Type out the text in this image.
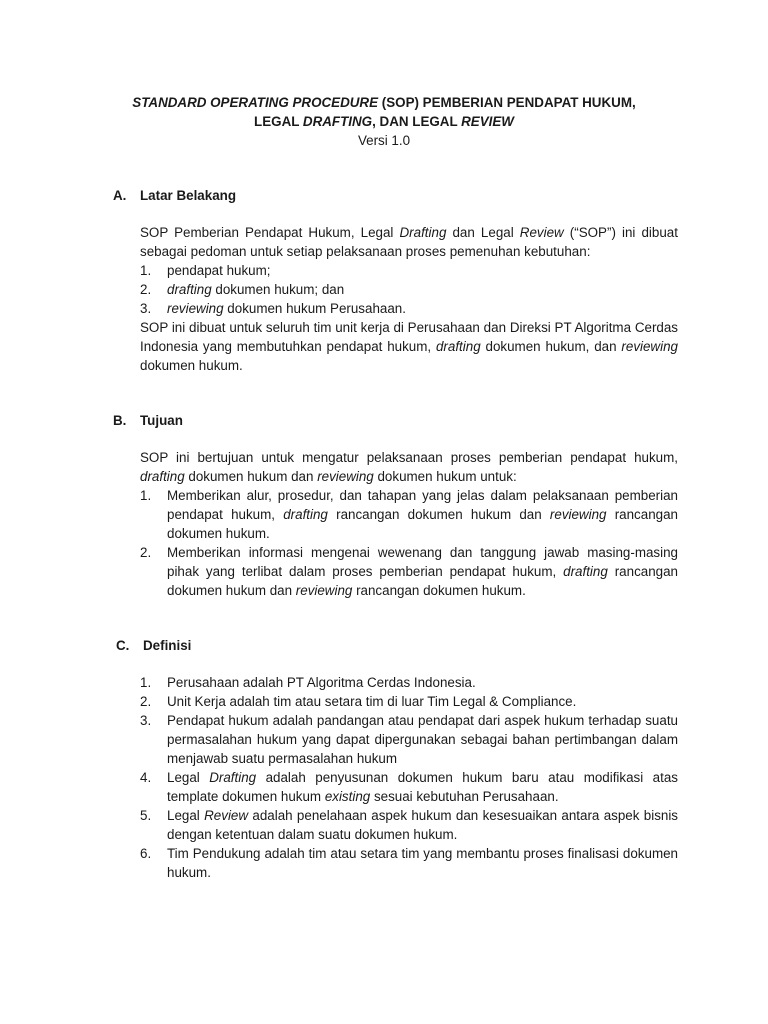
STANDARD OPERATING PROCEDURE (SOP) PEMBERIAN PENDAPAT HUKUM,
LEGAL DRAFTING, DAN LEGAL REVIEW
Versi 1.0
A.	Latar Belakang

SOP Pemberian Pendapat Hukum, Legal Drafting dan Legal Review (“SOP”) ini dibuat sebagai pedoman untuk setiap pelaksanaan proses pemenuhan kebutuhan:

1. pendapat hukum;
2. drafting dokumen hukum; dan
3. reviewing dokumen hukum Perusahaan.

SOP ini dibuat untuk seluruh tim unit kerja di Perusahaan dan Direksi PT Algoritma Cerdas Indonesia yang membutuhkan pendapat hukum, drafting dokumen hukum, dan reviewing dokumen hukum.

B.	Tujuan

SOP ini bertujuan untuk mengatur pelaksanaan proses pemberian pendapat hukum, drafting dokumen hukum dan reviewing dokumen hukum untuk:

1. Memberikan alur, prosedur, dan tahapan yang jelas dalam pelaksanaan pemberian pendapat hukum, drafting rancangan dokumen hukum dan reviewing rancangan dokumen hukum.
2. Memberikan informasi mengenai wewenang dan tanggung jawab masing-masing pihak yang terlibat dalam proses pemberian pendapat hukum, drafting rancangan dokumen hukum dan reviewing rancangan dokumen hukum.
C.	Definisi
1. Perusahaan adalah PT Algoritma Cerdas Indonesia.
2. Unit Kerja adalah tim atau setara tim di luar Tim Legal & Compliance.
3. Pendapat hukum adalah pandangan atau pendapat dari aspek hukum terhadap suatu permasalahan hukum yang dapat dipergunakan sebagai bahan pertimbangan dalam menjawab suatu permasalahan hukum
4. Legal Drafting adalah penyusunan dokumen hukum baru atau modifikasi atas template dokumen hukum existing sesuai kebutuhan Perusahaan.
5. Legal Review adalah penelahaan aspek hukum dan kesesuaikan antara aspek bisnis dengan ketentuan dalam suatu dokumen hukum.
6. Tim Pendukung adalah tim atau setara tim yang membantu proses finalisasi dokumen hukum.
